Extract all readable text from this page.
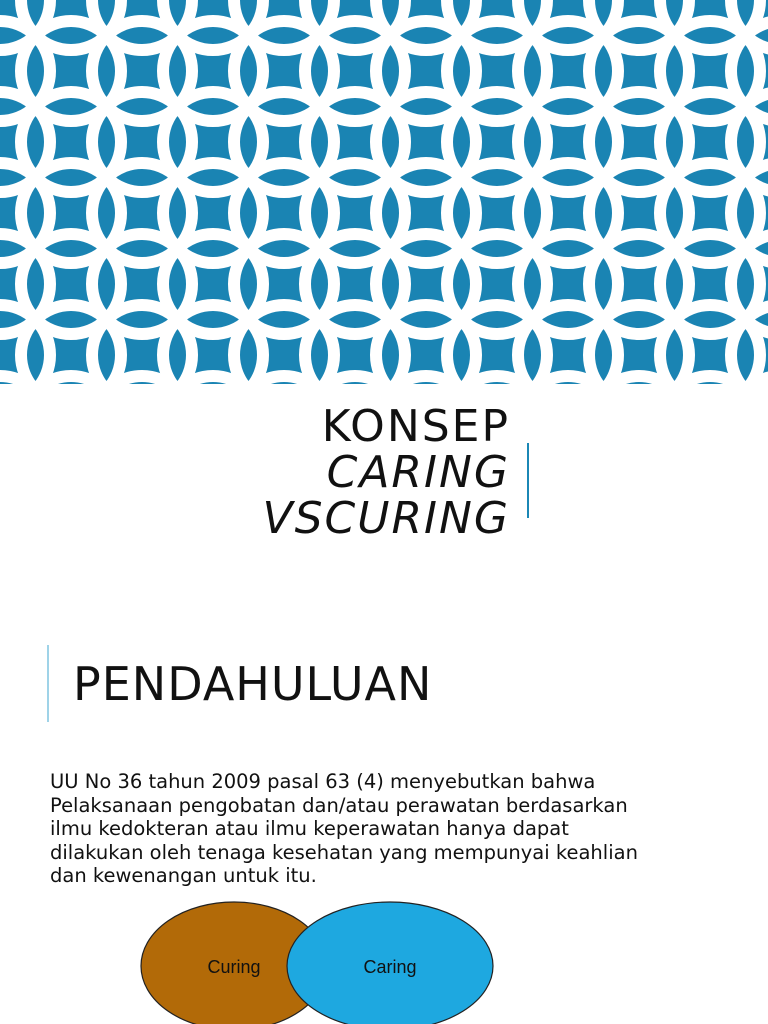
KONSEP
CARING
VSCURING
PENDAHULUAN
UU No 36 tahun 2009 pasal 63 (4) menyebutkan bahwa
Pelaksanaan pengobatan dan/atau perawatan berdasarkan
ilmu kedokteran atau ilmu keperawatan hanya dapat
dilakukan oleh tenaga kesehatan yang mempunyai keahlian
dan kewenangan untuk itu.
Curing	Caring
